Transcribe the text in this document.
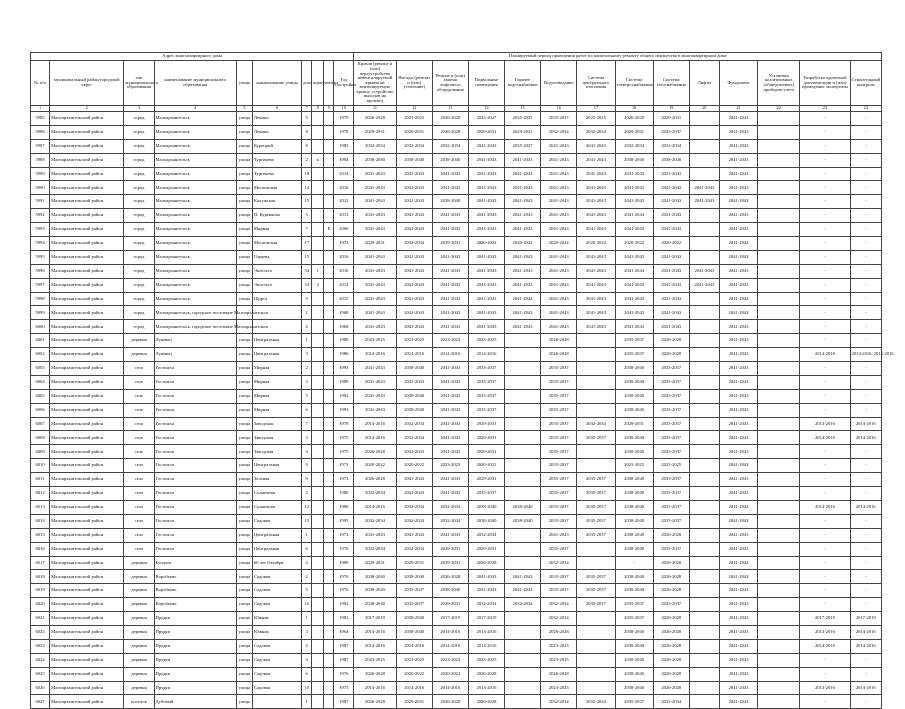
Адрес многоквартирного дома										Планируемый период проведения работ по капитальному ремонту общего имущества в многоквартирном доме													
№ п/п	муниципальный район/городской округ	тип муниципального образования	наименование муниципального образования	улица	наименование улицы	дом	корпус	литера	Год постройки	Кровля (ремонт и (или) переустройство невентилируемой крыши на вентилируемую крышу, устройство выходов на кровлю)	Фасады (ремонт и (или) утепление)	Ремонт и (или) замена лифтового оборудования	Подвальные помещения	Горячее водоснабжение	Водоотведение	Система центрального отопления	Система электроснабжения	Система газоснабжения	Лифты	Фундамент	Установка коллективных (общедомовых) приборов учета	Разработка проектной документации и (или) проведение экспертизы	Строительный контроль
1	2	3	4	5	6	7	8	9	10	11	12	13	14	15	16	17	18	19	20	21	22	23	24
5985	Малоархангельский район	город	Малоархангельск	улица	Ленина	5			1979	2026-2028	2023-2025	2026-2028	2025-2027	2035-2037	2035-2037	2023-2025	2026-2028	2029-2031		2041-2043		-	-
5986	Малоархангельский район	город	Малоархангельск	улица	Ленина	8			1978	2029-2031	2029-2031	2026-2028	2029-2031	2029-2031	2032-2034	2032-2034	2029-2031	2035-2037		2041-2043		-	-
5987	Малоархангельский район	город	Малоархангельск	улица	Курецкий	8			1985	2032-2034	2032-2034	2032-2034	2041-2043	2035-2037	2041-2043	2041-2043	2032-2034	2032-2034		2041-2043		-	-
5988	Малоархангельский район	город	Малоархангельск	улица	Тургенева	2	к		1984	2038-2040	2038-2040	2038-2040	2041-2043	2041-2043	2041-2043	2041-2043	2038-2040	2038-2040		2041-2043		-	-
5989	Малоархангельский район	город	Малоархангельск	улица	Тургенева	18			2014	2041-2043	2041-2043	2041-2043	2041-2043	2041-2043	2041-2043	2041-2043	2041-2043	2041-2043		2041-2043		-	-
5990	Малоархангельский район	город	Малоархангельск	улица	Московская	14			2016	2041-2043	2041-2043	2041-2043	2041-2043	2041-2043	2041-2043	2041-2043	2041-2043	2041-2043	2041-2043	2041-2043		-	-
5991	Малоархангельский район	город	Малоархангельск	улица	Калужская	15			2012	2041-2043	2041-2043	2038-2040	2041-2043	2041-2043	2041-2043	2041-2043	2041-2043	2041-2043	2041-2043	2041-2043		-	-
5992	Малоархангельский район	город	Малоархангельск	улица	П. Куренкова	5			2013	2041-2043	2041-2043	2041-2043	2041-2043	2041-2043	2041-2043	2041-2043	2041-2043	2041-2043		2041-2043		-	-
5993	Малоархангельский район	город	Малоархангельск	улица	Мирная	7		Б	2006	2041-2043	2041-2043	2041-2043	2041-2043	2041-2043	2041-2043	2041-2043	2041-2043	2041-2043		2041-2043		-	-
5994	Малоархангельский район	город	Малоархангельск	улица	Московская	17			1973	2029-2031	2032-2034	2029-2031	2020-2022	2020-2022	2020-2022	2020-2022	2020-2022	2020-2022		2041-2043		-	-
5995	Малоархангельский район	город	Малоархангельск	улица	Горцева	15			2016	2041-2043	2041-2043	2041-2043	2041-2043	2041-2043	2041-2043	2041-2043	2041-2043	2041-2043		2041-2043		-	-
5996	Малоархангельский район	город	Малоархангельск	улица	Энгельса	34	1		2016	2041-2043	2041-2043	2041-2043	2041-2043	2041-2043	2041-2043	2041-2043	2041-2043	2041-2043	2041-2043	2041-2043		-	-
5997	Малоархангельский район	город	Малоархангельск	улица	Энгельса	34	2		2014	2041-2043	2041-2043	2041-2043	2041-2043	2041-2043	2041-2043	2041-2043	2041-2043	2041-2043	2041-2043	2041-2043		-	-
5998	Малоархангельский район	город	Малоархангельск	улица	Щорса	9			2015	2041-2043	2041-2043	2041-2043	2041-2043	2041-2043	2041-2043	2041-2043	2041-2043	2041-2043		2041-2043		-	-
5999	Малоархангельский район	город	Малоархангельск, городское поселение Малоархангельск			1			1968	2041-2043	2041-2043	2041-2043	2041-2043	2041-2043	2041-2043	2041-2043	2041-2043	2041-2043		2041-2043		-	-
6000	Малоархангельский район	город	Малоархангельск, городское поселение Малоархангельск			2			1968	2041-2043	2041-2043	2041-2043	2041-2043	2041-2043	2041-2043	2041-2043	2041-2043	2041-2043		2041-2043		-	-
6001	Малоархангельский район	деревня	Луковец	улица	Центральная	1			1988	2023-2025	2023-2025	2023-2025	2023-2025		2026-2028		2035-2037	2026-2028		2041-2043		-	-
6002	Малоархангельский район	деревня	Луковец	улица	Центральная	3			1986	2014-2016	2014-2016	2014-2016	2014-2016		2026-2028		2035-2037	2026-2028		2041-2043		2014-2016	2014-2016, 2015-2016
6003	Малоархангельский район	село	Гостомля	улица	Мирная	2			1993	2041-2043	2038-2040	2041-2043	2035-2037		2035-2037		2038-2040	2035-2037		2041-2043		-	-
6004	Малоархангельский район	село	Гостомля	улица	Мирная	3			1988	2041-2043	2041-2043	2041-2043	2035-2037		2035-2037		2038-2040	2035-2037		2041-2043		-	-
6005	Малоархангельский район	село	Гостомля	улица	Мирная	5			1992	2041-2043	2038-2040	2041-2043	2035-2037		2035-2037		2038-2040	2035-2037		2041-2043		-	-
6006	Малоархангельский район	село	Гостомля	улица	Мирная	6			1993	2041-2043	2038-2040	2041-2043	2035-2037		2035-2037		2038-2040	2035-2037		2041-2043		-	-
6007	Малоархангельский район	село	Гостомля	улица	Заводская	7			1978	2014-2016	2032-2034	2041-2043	2029-2031		2035-2037	2032-2034	2029-2031	2035-2037		2041-2043		2014-2016	2014-2016
6008	Малоархангельский район	село	Гостомля	улица	Заводская	3			1975	2014-2016	2032-2034	2041-2043	2029-2031		2035-2037	2035-2037	2038-2040	2035-2037		2041-2043		2014-2016	2014-2016
6009	Малоархангельский район	село	Гостомля	улица	Заводская	4			1975	2026-2028	2041-2043	2041-2043	2029-2031		2035-2037		2038-2040	2035-2037		2041-2043		-	-
6010	Малоархангельский район	село	Гостомля	улица	Центральная	9			1973	2020-2022	2020-2022	2023-2025	2020-2022		2035-2037		2023-2025	2023-2025		2041-2043		-	-
6011	Малоархангельский район	село	Гостомля	улица	Зеленая	9			1973	2026-2028	2041-2043	2041-2043	2029-2031		2035-2037	2035-2037	2038-2040	2035-2037		2041-2043		-	-
6012	Малоархангельский район	село	Гостомля	улица	Солнечная	2			1986	2032-2034	2041-2043	2041-2043	2035-2037		2035-2037	2035-2037	2038-2040	2035-2037		2041-2043		-	-
6013	Малоархангельский район	село	Гостомля	улица	Солнечная	12			1986	2014-2016	2032-2034	2032-2034	2038-2040	2038-2040	2035-2037	2035-2037	2038-2040	2035-2037		2041-2043		2014-2016	2014-2016
6014	Малоархангельский район	село	Гостомля	улица	Садовая	13			1995	2032-2034	2032-2034	2032-2034	2038-2040	2038-2040	2035-2037	2035-2037	2038-2040	2035-2037		2041-2043		-	-
6015	Малоархангельский район	село	Гостомля	улица	Центральная	1			1971	2041-2043	2041-2043	2041-2043	2032-2034		2041-2043	2035-2037	2038-2040	2026-2028		2041-2043		-	-
6016	Малоархангельский район	село	Гостомля	улица	Центральная	6			1976	2032-2034	2032-2034	2029-2031	2029-2031		2035-2037		2038-2040	2035-2037		2041-2043		-	-
6017	Малоархангельский район	деревня	Бугорок	улица	60 лет Октября	4			1989	2029-2031	2029-2031	2029-2031	2026-2028		2032-2034		-	2026-2028		2041-2043		-	-
6018	Малоархангельский район	деревня	Воробьево	улица	Садовая	2			1976	2038-2040	2038-2040	2026-2028	2041-2043	2041-2043	2035-2037	2035-2037	2038-2040	2026-2028		2041-2043		-	-
6019	Малоархангельский район	деревня	Воробьево	улица	Садовая	5			1976	2038-2040	2035-2037	2038-2040	2041-2043	2041-2043	2035-2037	2035-2037	2038-2040	2026-2028		2041-2043		-	-
6020	Малоархангельский район	деревня	Воробьево	улица	Садовая	10			1992	2038-2040	2035-2037	2029-2031	2032-2034	2032-2034	2032-2034	2035-2037	2035-2037	2035-2037		2041-2043		-	-
6021	Малоархангельский район	деревня	Прудки	улица	Южная	1			1983	2017-2019	2038-2040	2017-2019	2017-2019		2032-2034		2035-2037	2026-2028		2041-2043		2017-2019	2017-2019
6022	Малоархангельский район	деревня	Прудки	улица	Южная	3			1964	2014-2016	2038-2040	2014-2016	2014-2016		2026-2028		2038-2040	2026-2028		2041-2043		2014-2016	2014-2016
6023	Малоархангельский район	деревня	Прудки	улица	Садовая	2			1987	2014-2016	2014-2016	2014-2016	2014-2016		2023-2025		2038-2040	2026-2028		2041-2043		2014-2016	2014-2016
6024	Малоархангельский район	деревня	Прудки	улица	Садовая	4			1987	2023-2025	2023-2025	2023-2025	2023-2025		2023-2025		2038-2040	2026-2028		2041-2043		-	-
6025	Малоархангельский район	деревня	Прудки	улица	Садовая	6			1976	2026-2028	2020-2022	2020-2022	2026-2028		2026-2028		2038-2040	2026-2028		2041-2043		-	-
6026	Малоархангельский район	деревня	Прудки	улица	Садовая	10			1975	2014-2016	2014-2016	2014-2016	2014-2016		2023-2025		2038-2040	2026-2028		2041-2043		2014-2016	2014-2016
6027	Малоархангельский район	поселок	Дубовый	улица		1			1987	2026-2028	2029-2031	2026-2028	2026-2028		2032-2034	2032-2034	2035-2037	2032-2034		2041-2043		-	-
